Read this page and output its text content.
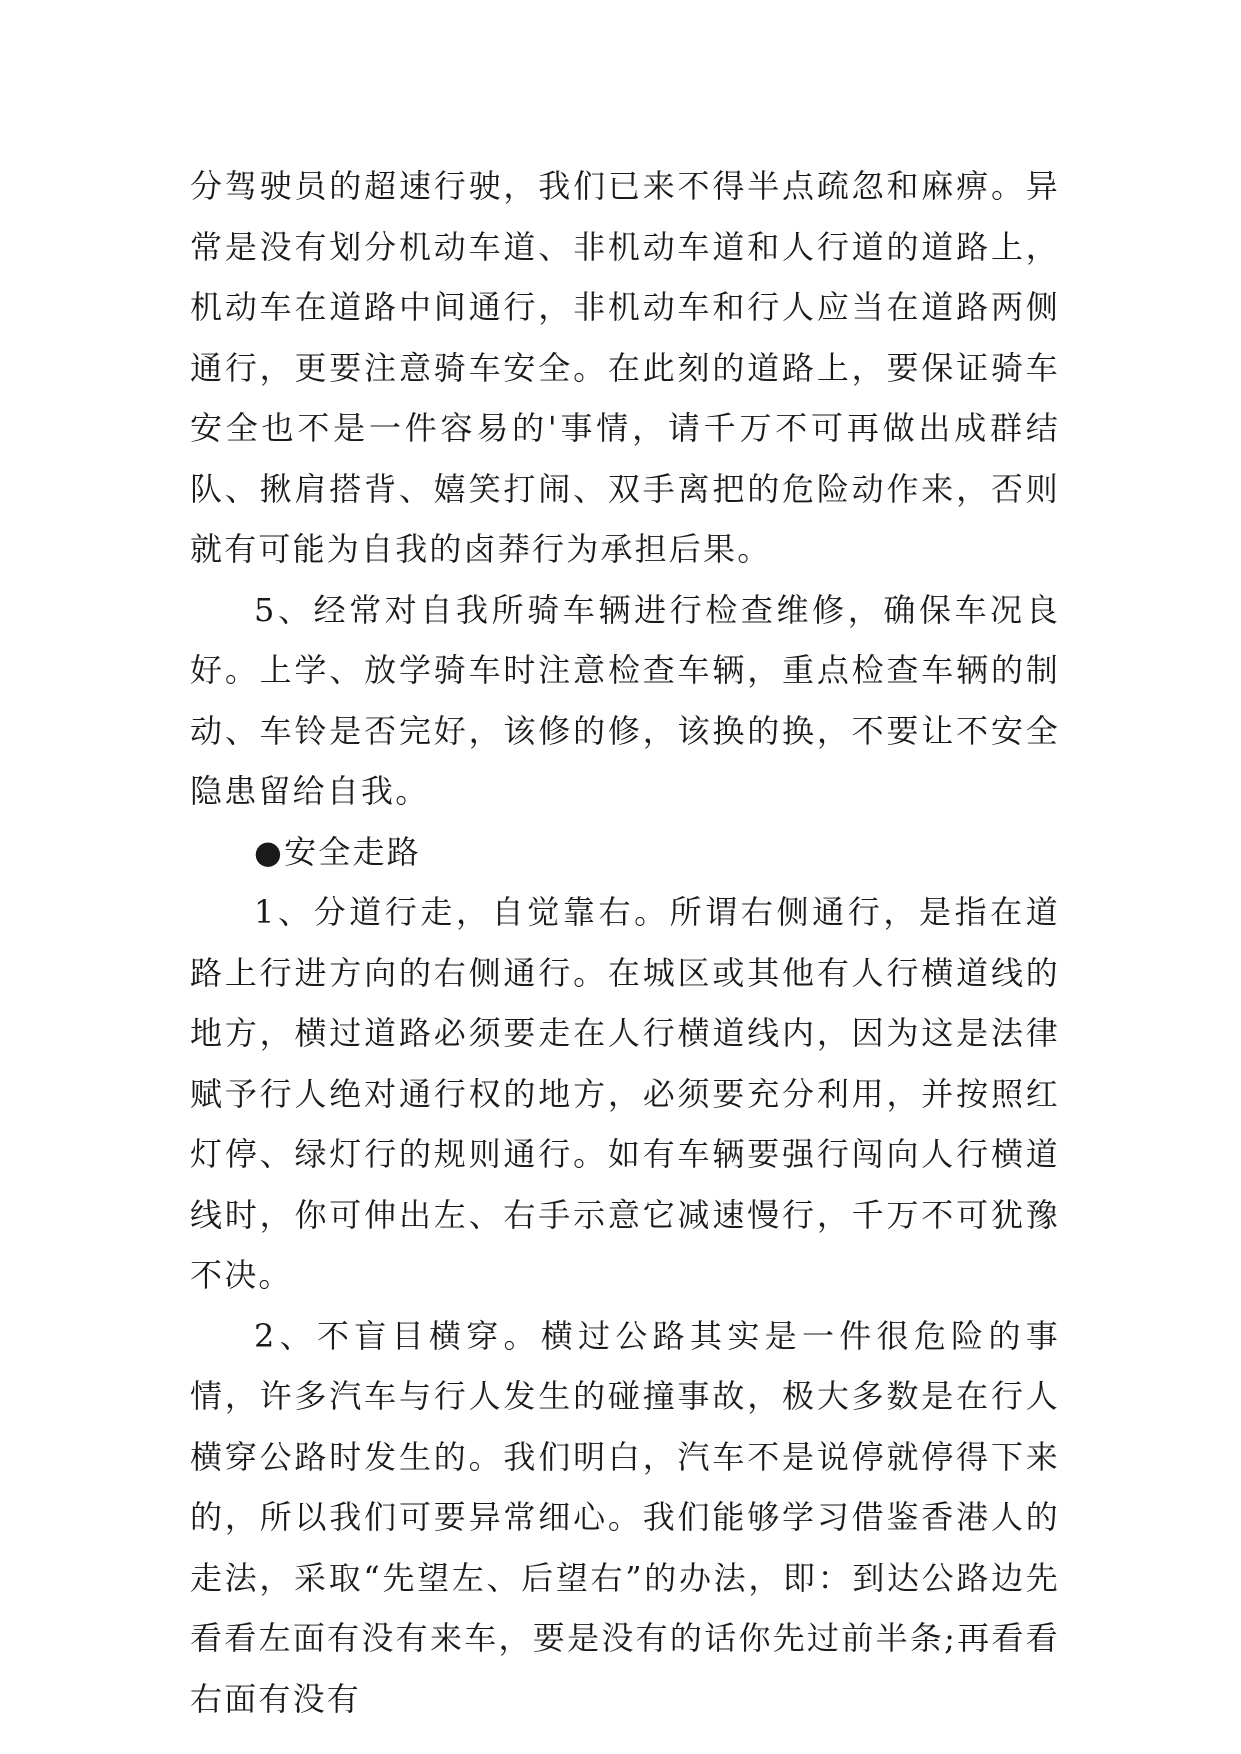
分驾驶员的超速行驶，我们已来不得半点疏忽和麻痹。异常是没有划分机动车道、非机动车道和人行道的道路上，机动车在道路中间通行，非机动车和行人应当在道路两侧通行，更要注意骑车安全。在此刻的道路上，要保证骑车安全也不是一件容易的'事情，请千万不可再做出成群结队、揪肩搭背、嬉笑打闹、双手离把的危险动作来，否则就有可能为自我的卤莽行为承担后果。

5、经常对自我所骑车辆进行检查维修，确保车况良好。上学、放学骑车时注意检查车辆，重点检查车辆的制动、车铃是否完好，该修的修，该换的换，不要让不安全隐患留给自我。

●安全走路

1、分道行走，自觉靠右。所谓右侧通行，是指在道路上行进方向的右侧通行。在城区或其他有人行横道线的地方，横过道路必须要走在人行横道线内，因为这是法律赋予行人绝对通行权的地方，必须要充分利用，并按照红灯停、绿灯行的规则通行。如有车辆要强行闯向人行横道线时，你可伸出左、右手示意它减速慢行，千万不可犹豫不决。

2、不盲目横穿。横过公路其实是一件很危险的事情，许多汽车与行人发生的碰撞事故，极大多数是在行人横穿公路时发生的。我们明白，汽车不是说停就停得下来的，所以我们可要异常细心。我们能够学习借鉴香港人的走法，采取“先望左、后望右”的办法，即：到达公路边先看看左面有没有来车，要是没有的话你先过前半条;再看看右面有没有
